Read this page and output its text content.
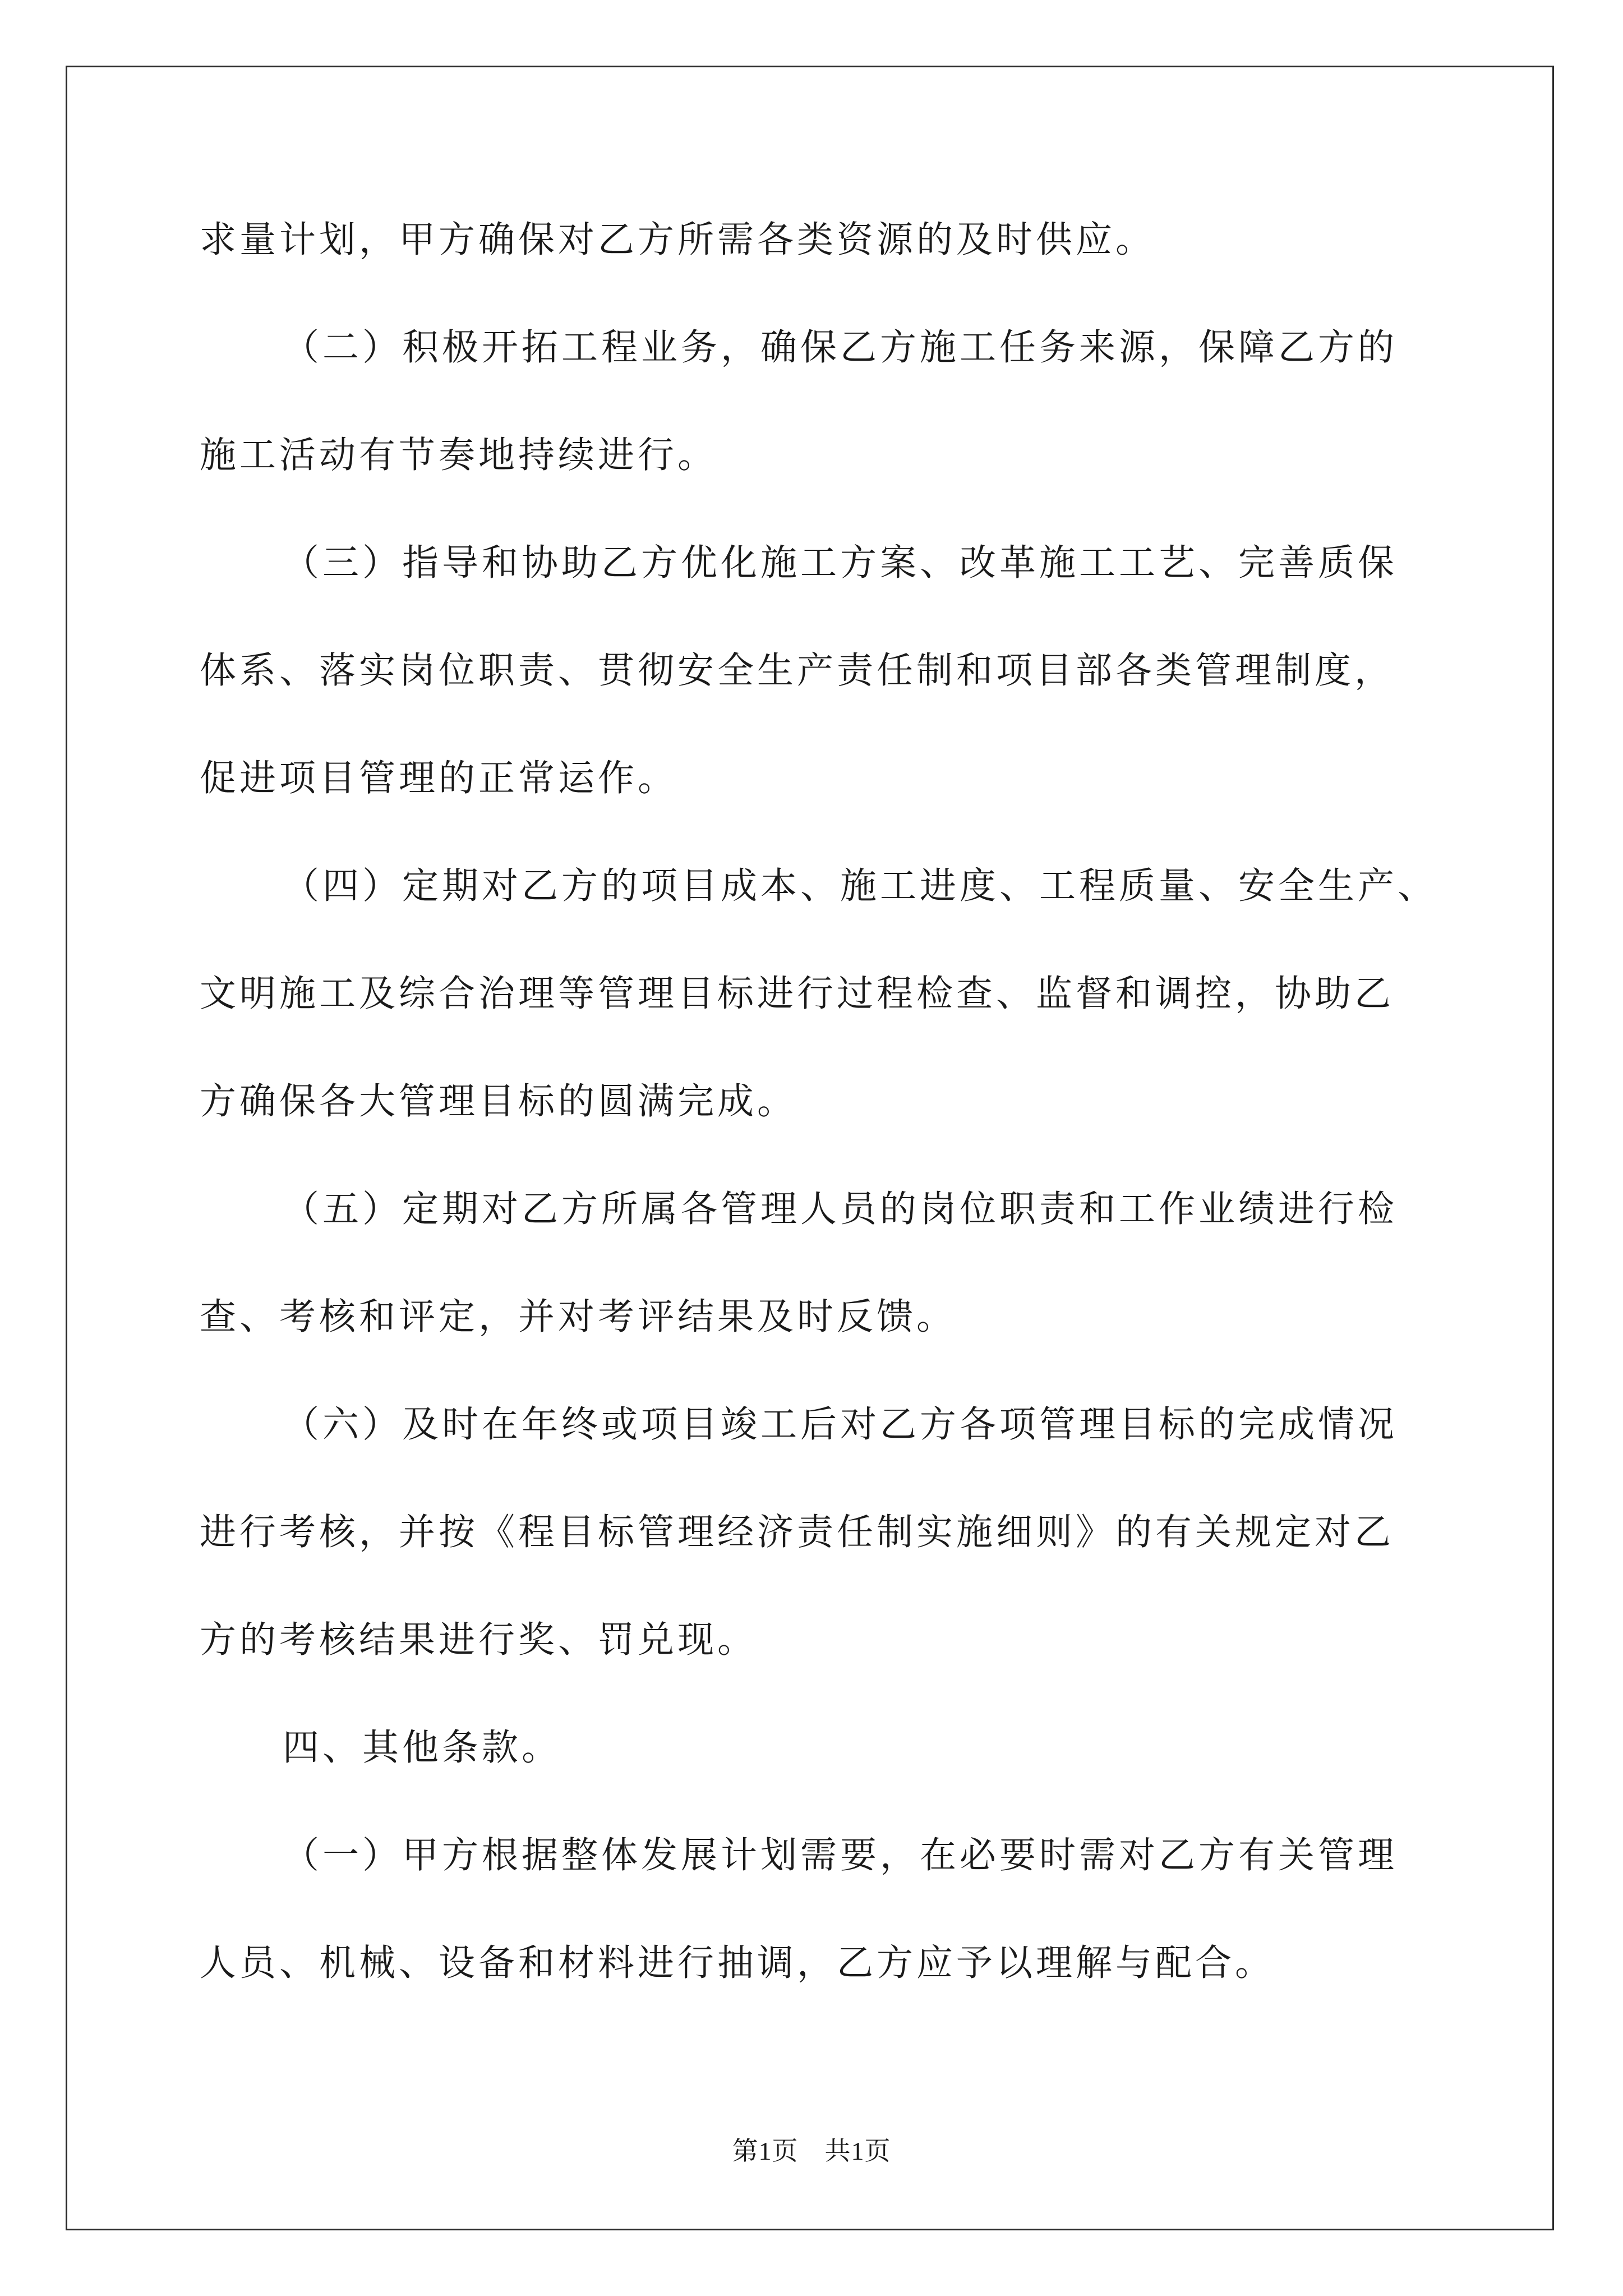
求量计划，甲方确保对乙方所需各类资源的及时供应。
（二）积极开拓工程业务，确保乙方施工任务来源，保障乙方的
施工活动有节奏地持续进行。
（三）指导和协助乙方优化施工方案、改革施工工艺、完善质保
体系、落实岗位职责、贯彻安全生产责任制和项目部各类管理制度，
促进项目管理的正常运作。
（四）定期对乙方的项目成本、施工进度、工程质量、安全生产、
文明施工及综合治理等管理目标进行过程检查、监督和调控，协助乙
方确保各大管理目标的圆满完成。
（五）定期对乙方所属各管理人员的岗位职责和工作业绩进行检
查、考核和评定，并对考评结果及时反馈。
（六）及时在年终或项目竣工后对乙方各项管理目标的完成情况
进行考核，并按《程目标管理经济责任制实施细则》的有关规定对乙
方的考核结果进行奖、罚兑现。
四、其他条款。
（一）甲方根据整体发展计划需要，在必要时需对乙方有关管理
人员、机械、设备和材料进行抽调，乙方应予以理解与配合。
第1页　共1页
